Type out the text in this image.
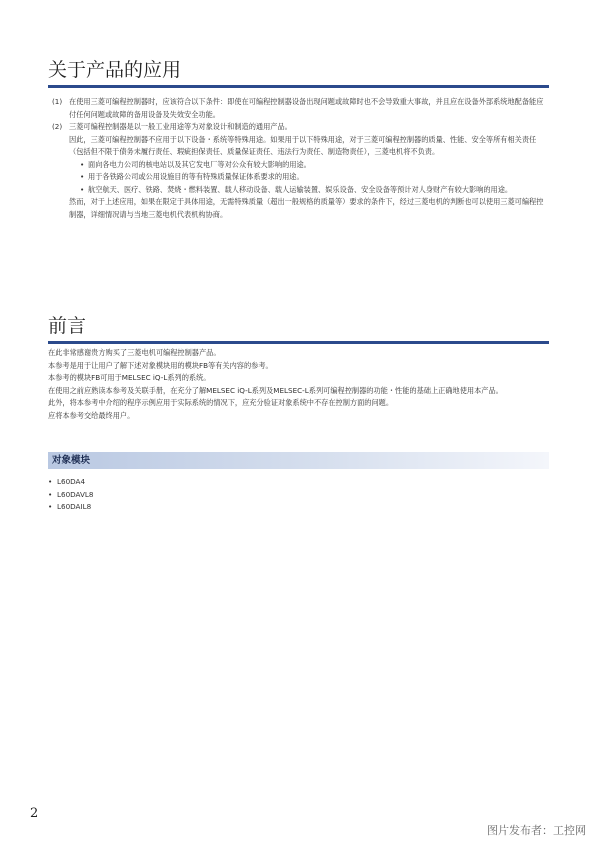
关于产品的应用
(1) 在使用三菱可编程控制器时，应该符合以下条件：即使在可编程控制器设备出现问题或故障时也不会导致重大事故，并且应在设备外部系统地配备能应付任何问题或故障的备用设备及失效安全功能。
(2) 三菱可编程控制器是以一般工业用途等为对象设计和制造的通用产品。
因此，三菱可编程控制器不应用于以下设备・系统等特殊用途。如果用于以下特殊用途，对于三菱可编程控制器的质量、性能、安全等所有相关责任（包括但不限于债务未履行责任、瑕疵担保责任、质量保证责任、违法行为责任、制造物责任），三菱电机将不负责。
• 面向各电力公司的核电站以及其它发电厂等对公众有较大影响的用途。
• 用于各铁路公司或公用设施目的等有特殊质量保证体系要求的用途。
• 航空航天、医疗、铁路、焚烧・燃料装置、载人移动设备、载人运输装置、娱乐设备、安全设备等预计对人身财产有较大影响的用途。
然而，对于上述应用，如果在限定于具体用途，无需特殊质量（超出一般规格的质量等）要求的条件下，经过三菱电机的判断也可以使用三菱可编程控制器，详细情况请与当地三菱电机代表机构协商。
前言
在此非常感谢贵方购买了三菱电机可编程控制器产品。
本参考是用于让用户了解下述对象模块用的模块FB等有关内容的参考。
本参考的模块FB可用于MELSEC iQ-L系列的系统。
在使用之前应熟读本参考及关联手册，在充分了解MELSEC iQ-L系列及MELSEC-L系列可编程控制器的功能・性能的基础上正确地使用本产品。
此外，将本参考中介绍的程序示例应用于实际系统的情况下，应充分验证对象系统中不存在控制方面的问题。
应将本参考交给最终用户。
对象模块
• L60DA4
• L60DAVL8
• L60DAIL8
2
图片发布者：工控网
